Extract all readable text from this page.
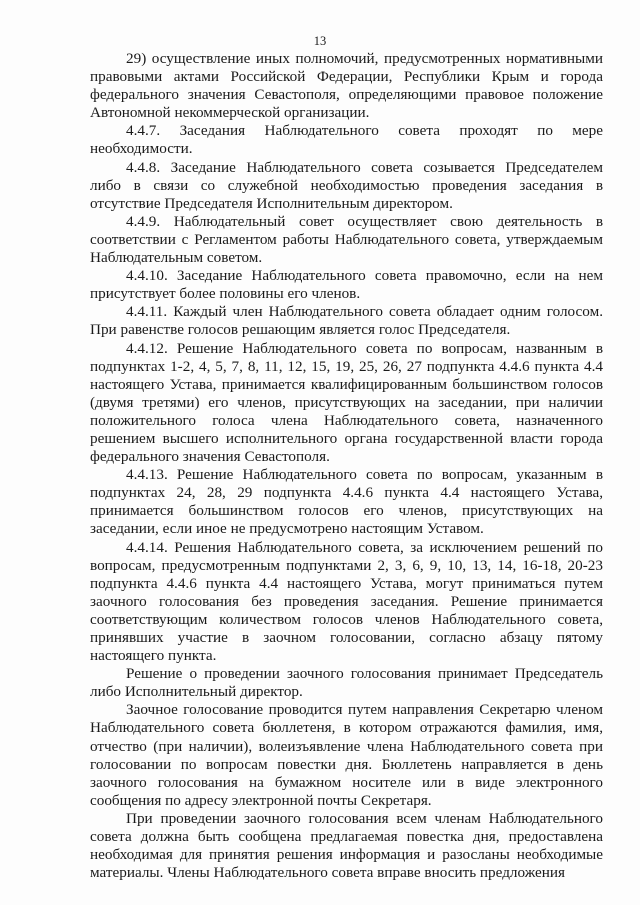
13

29) осуществление иных полномочий, предусмотренных нормативными правовыми актами Российской Федерации, Республики Крым и города федерального значения Севастополя, определяющими правовое положение Автономной некоммерческой организации.

4.4.7. Заседания Наблюдательного совета проходят по мере необходимости.

4.4.8. Заседание Наблюдательного совета созывается Председателем либо в связи со служебной необходимостью проведения заседания в отсутствие Председателя Исполнительным директором.

4.4.9. Наблюдательный совет осуществляет свою деятельность в соответствии с Регламентом работы Наблюдательного совета, утверждаемым Наблюдательным советом.

4.4.10. Заседание Наблюдательного совета правомочно, если на нем присутствует более половины его членов.

4.4.11. Каждый член Наблюдательного совета обладает одним голосом. При равенстве голосов решающим является голос Председателя.

4.4.12. Решение Наблюдательного совета по вопросам, названным в подпунктах 1-2, 4, 5, 7, 8, 11, 12, 15, 19, 25, 26, 27 подпункта 4.4.6 пункта 4.4 настоящего Устава, принимается квалифицированным большинством голосов (двумя третями) его членов, присутствующих на заседании, при наличии положительного голоса члена Наблюдательного совета, назначенного решением высшего исполнительного органа государственной власти города федерального значения Севастополя.

4.4.13. Решение Наблюдательного совета по вопросам, указанным в подпунктах 24, 28, 29 подпункта 4.4.6 пункта 4.4 настоящего Устава, принимается большинством голосов его членов, присутствующих на заседании, если иное не предусмотрено настоящим Уставом.

4.4.14. Решения Наблюдательного совета, за исключением решений по вопросам, предусмотренным подпунктами 2, 3, 6, 9, 10, 13, 14, 16-18, 20-23 подпункта 4.4.6 пункта 4.4 настоящего Устава, могут приниматься путем заочного голосования без проведения заседания. Решение принимается соответствующим количеством голосов членов Наблюдательного совета, принявших участие в заочном голосовании, согласно абзацу пятому настоящего пункта.

Решение о проведении заочного голосования принимает Председатель либо Исполнительный директор.

Заочное голосование проводится путем направления Секретарю членом Наблюдательного совета бюллетеня, в котором отражаются фамилия, имя, отчество (при наличии), волеизъявление члена Наблюдательного совета при голосовании по вопросам повестки дня. Бюллетень направляется в день заочного голосования на бумажном носителе или в виде электронного сообщения по адресу электронной почты Секретаря.

При проведении заочного голосования всем членам Наблюдательного совета должна быть сообщена предлагаемая повестка дня, предоставлена необходимая для принятия решения информация и разосланы необходимые материалы. Члены Наблюдательного совета вправе вносить предложения
